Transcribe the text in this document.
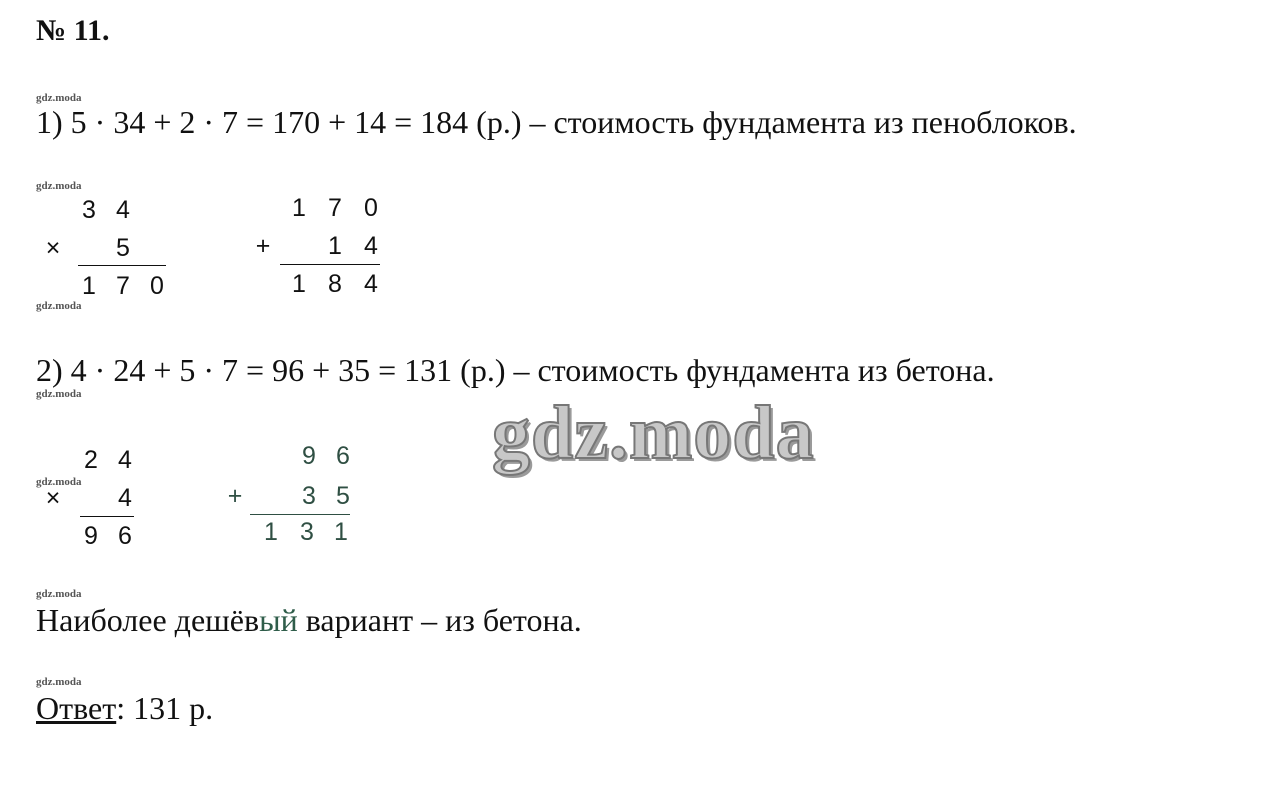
№ 11.
gdz.moda
1) 5 · 34 + 2 · 7 = 170 + 14 = 184 (р.) – стоимость фундамента из пеноблоков.
gdz.moda
3 4
×	5
1 7 0
1 7 0
+	1 4
1 8 4
gdz.moda
2) 4 · 24 + 5 · 7 = 96 + 35 = 131 (р.) – стоимость фундамента из бетона.
gdz.moda	gdz.moda
2 4
gdz.moda
×	4
9 6
9 6
+	3 5
1 3 1
gdz.moda
Наиболее дешёвый вариант – из бетона.
gdz.moda
Ответ: 131 р.
